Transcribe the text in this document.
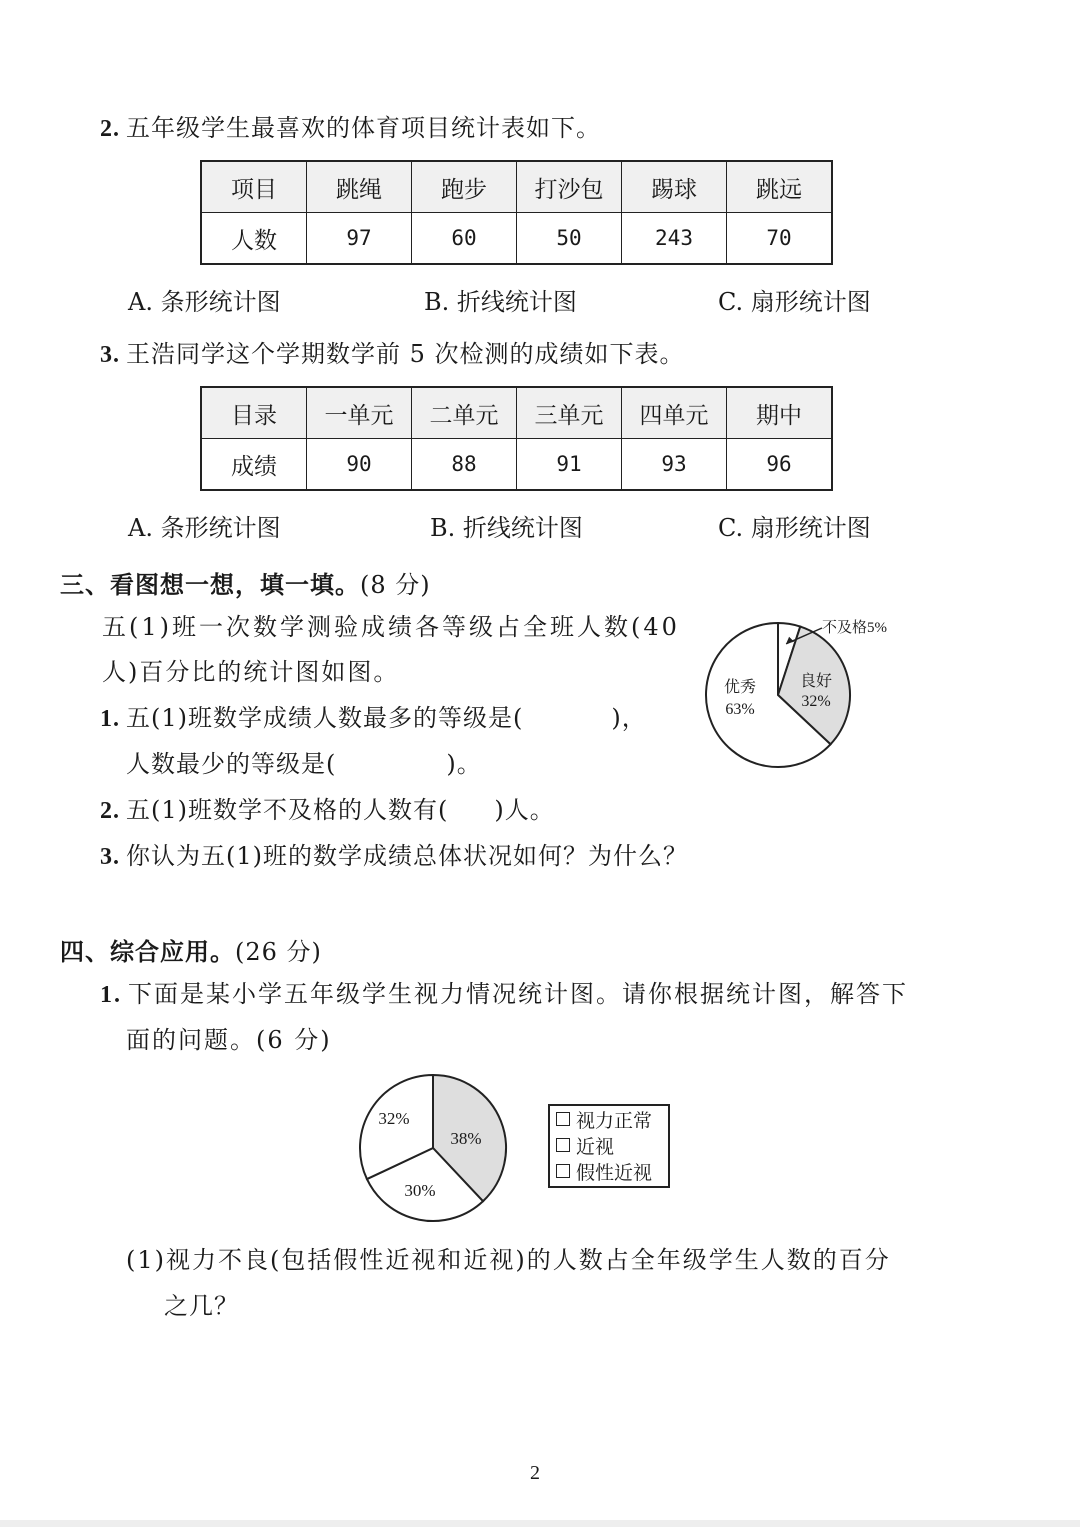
2. 五年级学生最喜欢的体育项目统计表如下。
项目	跳绳	跑步	打沙包	踢球	跳远
人数	97	60	50	243	70
A. 条形统计图	B. 折线统计图	C. 扇形统计图
3. 王浩同学这个学期数学前 5 次检测的成绩如下表。
目录	一单元	二单元	三单元	四单元	期中
成绩	90	88	91	93	96
A. 条形统计图	B. 折线统计图	C. 扇形统计图
三、看图想一想，填一填。(8 分)
五(1)班一次数学测验成绩各等级占全班人数(40
人)百分比的统计图如图。
1. 五(1)班数学成绩人数最多的等级是(	)，
人数最少的等级是(	)。
2. 五(1)班数学不及格的人数有( )人。
3. 你认为五(1)班的数学成绩总体状况如何？为什么？
优秀
63%
良好
32%
不及格5%
四、综合应用。(26 分)
1. 下面是某小学五年级学生视力情况统计图。请你根据统计图，解答下
面的问题。(6 分)
38%
30%
32%	视力正常
近视
假性近视
(1)视力不良(包括假性近视和近视)的人数占全年级学生人数的百分
之几？
2
